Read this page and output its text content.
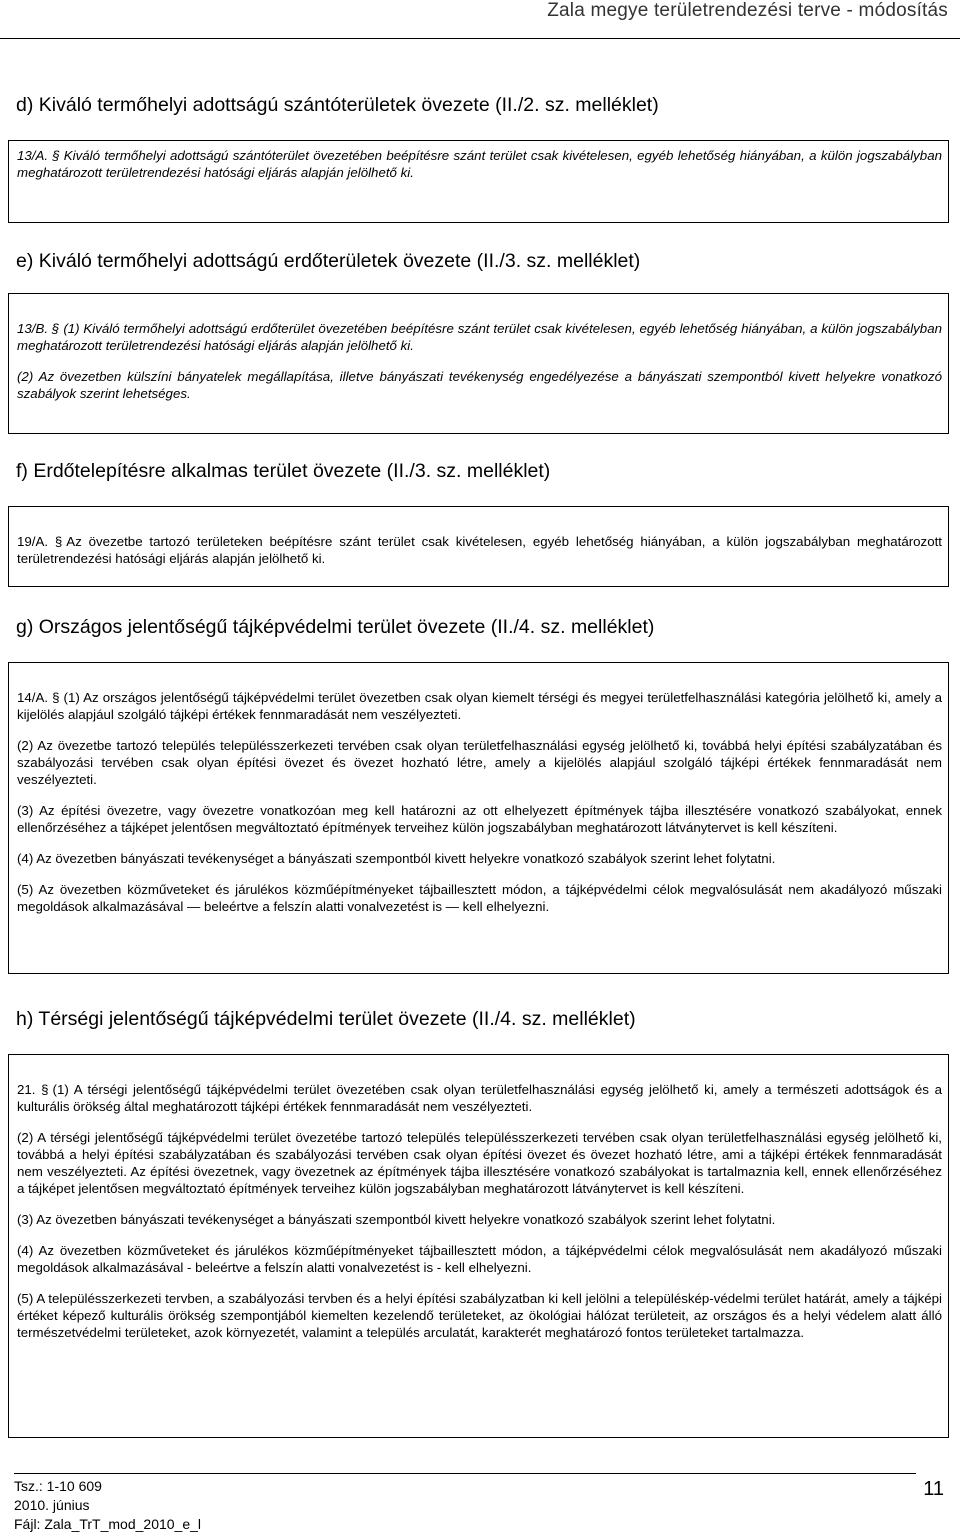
Zala megye területrendezési terve - módosítás
d) Kiváló termőhelyi adottságú szántóterületek övezete (II./2. sz. melléklet)

13/A. § Kiváló termőhelyi adottságú szántóterület övezetében beépítésre szánt terület csak kivételesen, egyéb lehetőség hiányában, a külön jogszabályban meghatározott területrendezési hatósági eljárás alapján jelölhető ki.

e) Kiváló termőhelyi adottságú erdőterületek övezete (II./3. sz. melléklet)

13/B. § (1) Kiváló termőhelyi adottságú erdőterület övezetében beépítésre szánt terület csak kivételesen, egyéb lehetőség hiányában, a külön jogszabályban meghatározott területrendezési hatósági eljárás alapján jelölhető ki.

(2) Az övezetben külszíni bányatelek megállapítása, illetve bányászati tevékenység engedélyezése a bányászati szempontból kivett helyekre vonatkozó szabályok szerint lehetséges.

f) Erdőtelepítésre alkalmas terület övezete (II./3. sz. melléklet)

19/A. § Az övezetbe tartozó területeken beépítésre szánt terület csak kivételesen, egyéb lehetőség hiányában, a külön jogszabályban meghatározott területrendezési hatósági eljárás alapján jelölhető ki.

g) Országos jelentőségű tájképvédelmi terület övezete (II./4. sz. melléklet)

14/A. § (1) Az országos jelentőségű tájképvédelmi terület övezetben csak olyan kiemelt térségi és megyei területfelhasználási kategória jelölhető ki, amely a kijelölés alapjául szolgáló tájképi értékek fennmaradását nem veszélyezteti.

(2) Az övezetbe tartozó település településszerkezeti tervében csak olyan területfelhasználási egység jelölhető ki, továbbá helyi építési szabályzatában és szabályozási tervében csak olyan építési övezet és övezet hozható létre, amely a kijelölés alapjául szolgáló tájképi értékek fennmaradását nem veszélyezteti.

(3) Az építési övezetre, vagy övezetre vonatkozóan meg kell határozni az ott elhelyezett építmények tájba illesztésére vonatkozó szabályokat, ennek ellenőrzéséhez a tájképet jelentősen megváltoztató építmények terveihez külön jogszabályban meghatározott látványtervet is kell készíteni.

(4) Az övezetben bányászati tevékenységet a bányászati szempontból kivett helyekre vonatkozó szabályok szerint lehet folytatni.

(5) Az övezetben közműveteket és járulékos közműépítményeket tájbaillesztett módon, a tájképvédelmi célok megvalósulását nem akadályozó műszaki megoldások alkalmazásával — beleértve a felszín alatti vonalvezetést is — kell elhelyezni.

h) Térségi jelentőségű tájképvédelmi terület övezete (II./4. sz. melléklet)

21. § (1) A térségi jelentőségű tájképvédelmi terület övezetében csak olyan területfelhasználási egység jelölhető ki, amely a természeti adottságok és a kulturális örökség által meghatározott tájképi értékek fennmaradását nem veszélyezteti.

(2) A térségi jelentőségű tájképvédelmi terület övezetébe tartozó település településszerkezeti tervében csak olyan területfelhasználási egység jelölhető ki, továbbá a helyi építési szabályzatában és szabályozási tervében csak olyan építési övezet és övezet hozható létre, ami a tájképi értékek fennmaradását nem veszélyezteti. Az építési övezetnek, vagy övezetnek az építmények tájba illesztésére vonatkozó szabályokat is tartalmaznia kell, ennek ellenőrzéséhez a tájképet jelentősen megváltoztató építmények terveihez külön jogszabályban meghatározott látványtervet is kell készíteni.

(3) Az övezetben bányászati tevékenységet a bányászati szempontból kivett helyekre vonatkozó szabályok szerint lehet folytatni.

(4) Az övezetben közműveteket és járulékos közműépítményeket tájbaillesztett módon, a tájképvédelmi célok megvalósulását nem akadályozó műszaki megoldások alkalmazásával - beleértve a felszín alatti vonalvezetést is - kell elhelyezni.

(5) A településszerkezeti tervben, a szabályozási tervben és a helyi építési szabályzatban ki kell jelölni a településkép-védelmi terület határát, amely a tájképi értéket képező kulturális örökség szempontjából kiemelten kezelendő területeket, az ökológiai hálózat területeit, az országos és a helyi védelem alatt álló természetvédelmi területeket, azok környezetét, valamint a település arculatát, karakterét meghatározó fontos területeket tartalmazza.

Tsz.: 1-10 609
2010. június
Fájl: Zala_TrT_mod_2010_e_l
11
